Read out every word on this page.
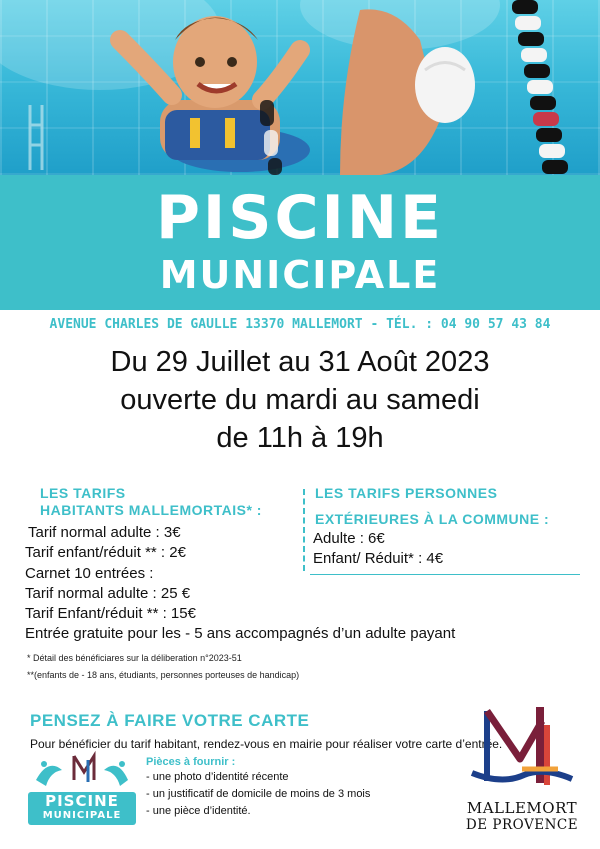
PISCINE
MUNICIPALE
AVENUE CHARLES DE GAULLE 13370 MALLEMORT - TÉL. : 04 90 57 43 84
Du 29 Juillet au 31 Août 2023
ouverte du mardi au samedi
de 11h à 19h
LES TARIFS
HABITANTS MALLEMORTAIS* :
Tarif normal adulte : 3€
Tarif enfant/réduit ** : 2€
Carnet 10 entrées :
Tarif normal adulte : 25 €
Tarif Enfant/réduit ** : 15€
Entrée gratuite pour les - 5 ans accompagnés d’un adulte payant
LES TARIFS PERSONNES
EXTÉRIEURES À LA COMMUNE :
Adulte : 6€
Enfant/ Réduit* : 4€
* Détail des bénéficiares sur la déliberation n°2023-51
**(enfants de - 18 ans, étudiants, personnes porteuses de handicap)
PENSEZ À FAIRE VOTRE CARTE
Pour bénéficier du tarif habitant, rendez-vous en mairie pour réaliser votre carte d’entrée.
PISCINE
MUNICIPALE
Pièces à fournir :
- une photo d’identité récente
- un justificatif de domicile de moins de 3 mois
- une pièce d’identité.	MALLEMORT
DE PROVENCE
